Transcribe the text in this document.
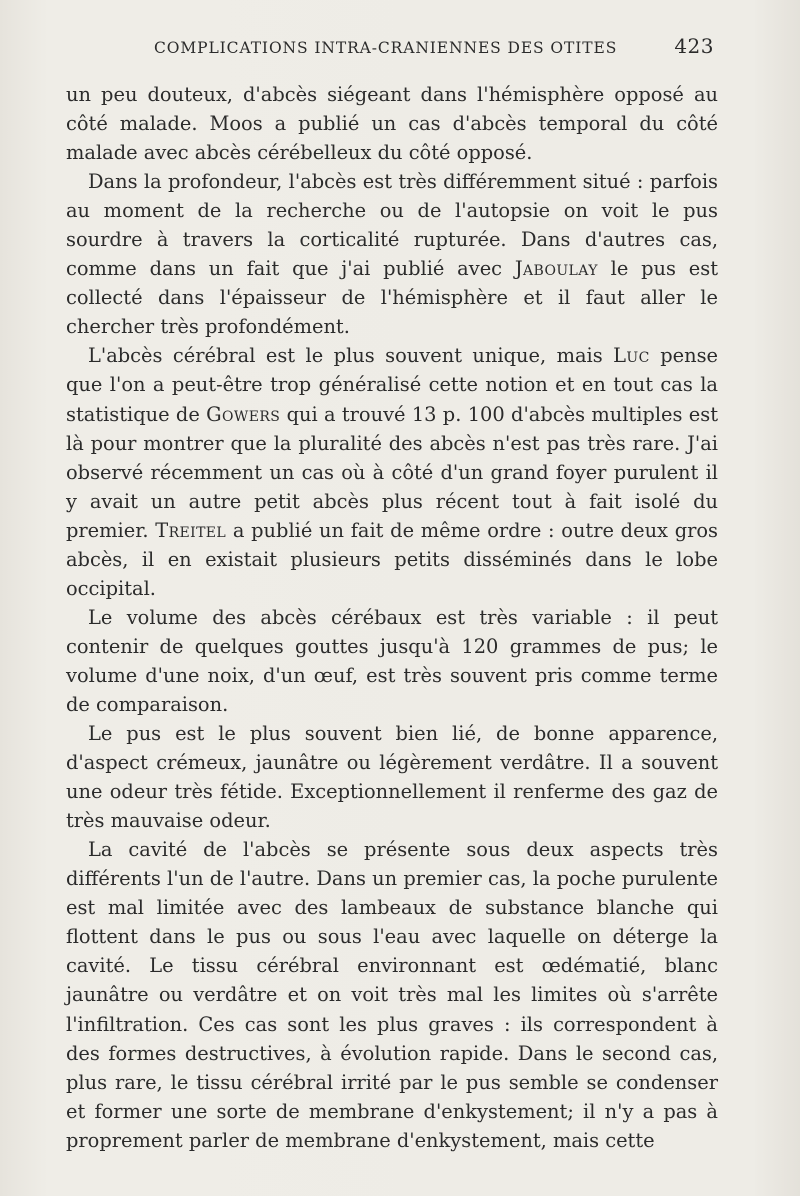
COMPLICATIONS INTRA-CRANIENNES DES OTITES	423

un peu douteux, d'abcès siégeant dans l'hémisphère opposé au côté malade. Moos a publié un cas d'abcès temporal du côté malade avec abcès cérébelleux du côté opposé.

Dans la profondeur, l'abcès est très différemment situé : parfois au moment de la recherche ou de l'autopsie on voit le pus sourdre à travers la corticalité rupturée. Dans d'autres cas, comme dans un fait que j'ai publié avec Jaboulay le pus est collecté dans l'épaisseur de l'hémisphère et il faut aller le chercher très profondément.

L'abcès cérébral est le plus souvent unique, mais Luc pense que l'on a peut-être trop généralisé cette notion et en tout cas la statistique de Gowers qui a trouvé 13 p. 100 d'abcès multiples est là pour montrer que la pluralité des abcès n'est pas très rare. J'ai observé récemment un cas où à côté d'un grand foyer purulent il y avait un autre petit abcès plus récent tout à fait isolé du premier. Treitel a publié un fait de même ordre : outre deux gros abcès, il en existait plusieurs petits disséminés dans le lobe occipital.

Le volume des abcès cérébaux est très variable : il peut contenir de quelques gouttes jusqu'à 120 grammes de pus; le volume d'une noix, d'un œuf, est très souvent pris comme terme de comparaison.

Le pus est le plus souvent bien lié, de bonne apparence, d'aspect crémeux, jaunâtre ou légèrement verdâtre. Il a souvent une odeur très fétide. Exceptionnellement il renferme des gaz de très mauvaise odeur.

La cavité de l'abcès se présente sous deux aspects très différents l'un de l'autre. Dans un premier cas, la poche purulente est mal limitée avec des lambeaux de substance blanche qui flottent dans le pus ou sous l'eau avec laquelle on déterge la cavité. Le tissu cérébral environnant est œdématié, blanc jaunâtre ou verdâtre et on voit très mal les limites où s'arrête l'infiltration. Ces cas sont les plus graves : ils correspondent à des formes destructives, à évolution rapide. Dans le second cas, plus rare, le tissu cérébral irrité par le pus semble se condenser et former une sorte de membrane d'enkystement; il n'y a pas à proprement parler de membrane d'enkystement, mais cette
